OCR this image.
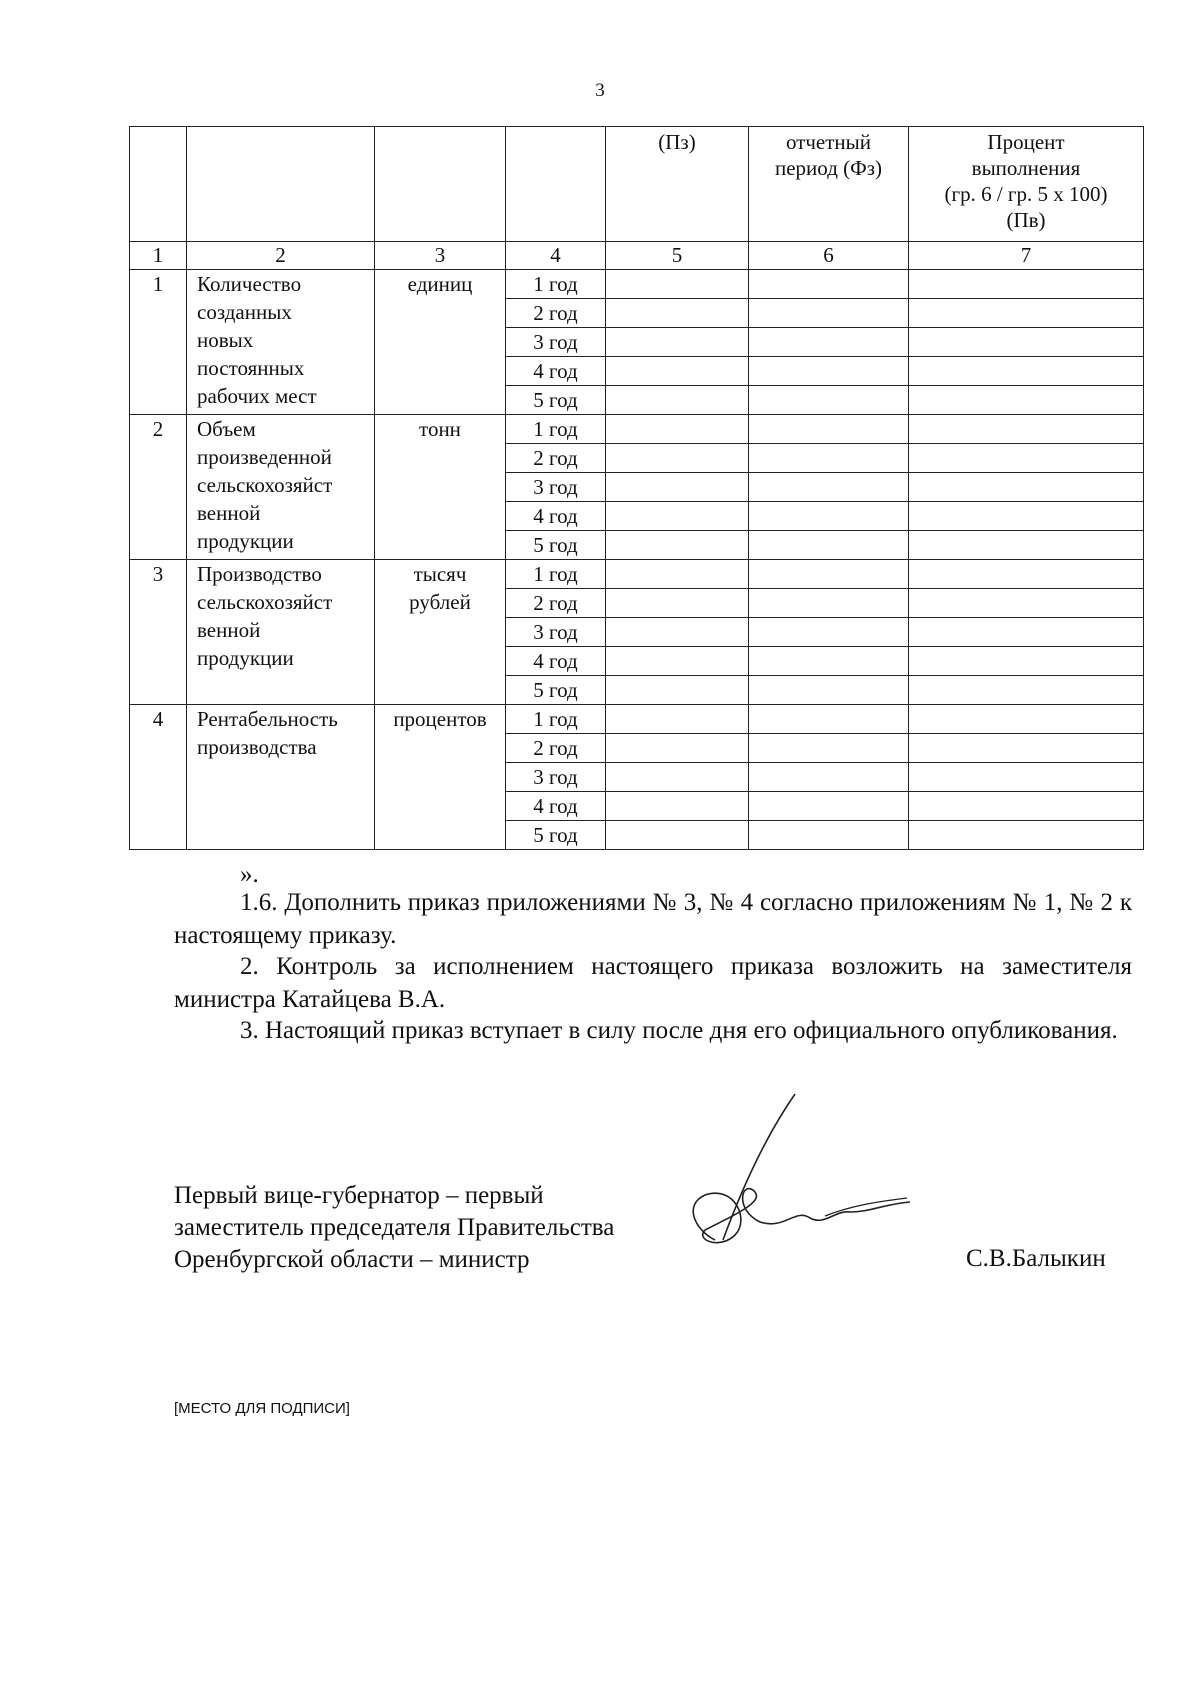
3

				(Пз)	отчетный
период (Фз)	Процент
выполнения
(гр. 6 / гр. 5 x 100)
(Пв)

1	2	3	4	5	6	7
1	Количество
созданных
новых
постоянных
рабочих мест	единиц	1 год			
			2 год			
			3 год			
			4 год			
			5 год			
2	Объем
произведенной
сельскохозяйст
венной
продукции	тонн	1 год			
			2 год			
			3 год			
			4 год			
			5 год			
3	Производство
сельскохозяйст
венной
продукции	тысяч
рублей	1 год			
			2 год			
			3 год			
			4 год			
			5 год			
4	Рентабельность
производства	процентов	1 год			
			2 год			
			3 год			
			4 год			
			5 год			
».
1.6. Дополнить приказ приложениями № 3, № 4 согласно приложениям № 1, № 2 к настоящему приказу.
2. Контроль за исполнением настоящего приказа возложить на заместителя министра Катайцева В.А.
3. Настоящий приказ вступает в силу после дня его официального опубликования.
Первый вице-губернатор – первый
заместитель председателя Правительства
Оренбургской области – министр	С.В.Балыкин
[МЕСТО ДЛЯ ПОДПИСИ]
